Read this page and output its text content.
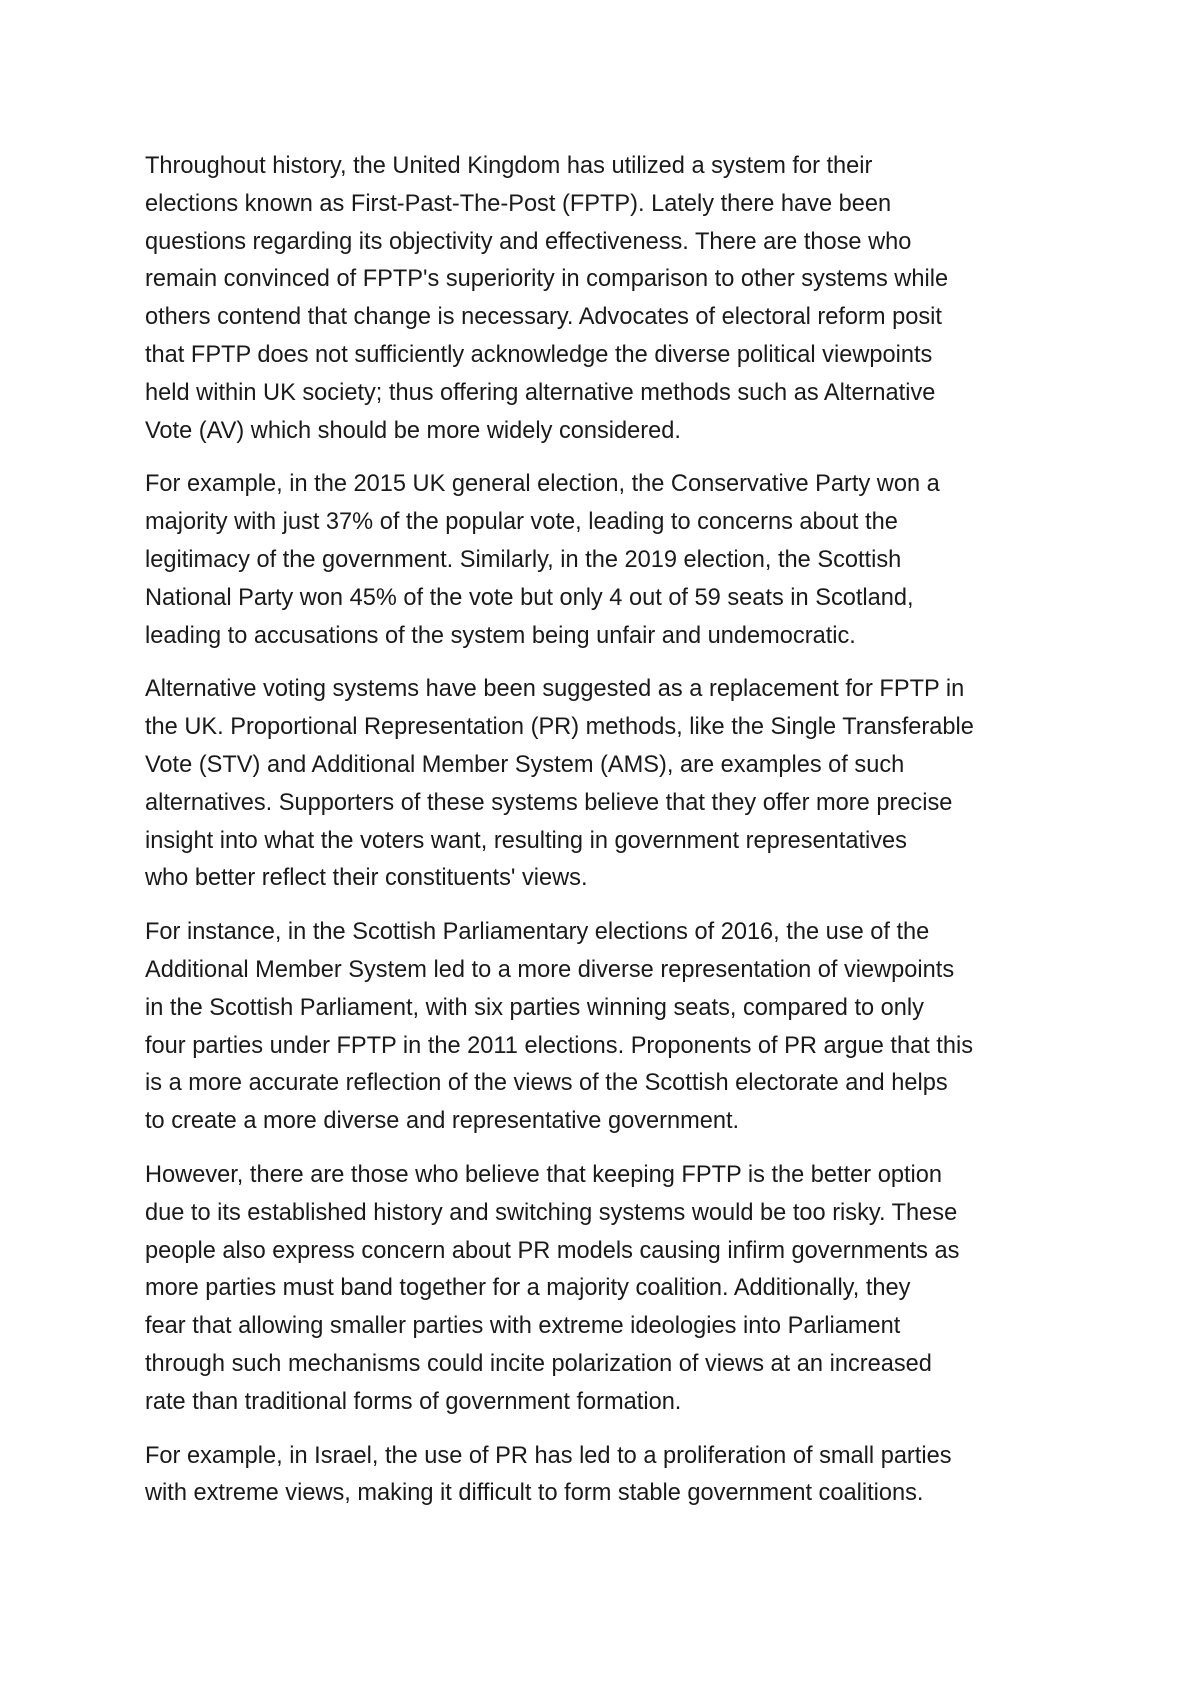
Throughout history, the United Kingdom has utilized a system for their
elections known as First-Past-The-Post (FPTP). Lately there have been
questions regarding its objectivity and effectiveness. There are those who
remain convinced of FPTP's superiority in comparison to other systems while
others contend that change is necessary. Advocates of electoral reform posit
that FPTP does not sufficiently acknowledge the diverse political viewpoints
held within UK society; thus offering alternative methods such as Alternative
Vote (AV) which should be more widely considered.

For example, in the 2015 UK general election, the Conservative Party won a
majority with just 37% of the popular vote, leading to concerns about the
legitimacy of the government. Similarly, in the 2019 election, the Scottish
National Party won 45% of the vote but only 4 out of 59 seats in Scotland,
leading to accusations of the system being unfair and undemocratic.

Alternative voting systems have been suggested as a replacement for FPTP in
the UK. Proportional Representation (PR) methods, like the Single Transferable
Vote (STV) and Additional Member System (AMS), are examples of such
alternatives. Supporters of these systems believe that they offer more precise
insight into what the voters want, resulting in government representatives
who better reflect their constituents' views.

For instance, in the Scottish Parliamentary elections of 2016, the use of the
Additional Member System led to a more diverse representation of viewpoints
in the Scottish Parliament, with six parties winning seats, compared to only
four parties under FPTP in the 2011 elections. Proponents of PR argue that this
is a more accurate reflection of the views of the Scottish electorate and helps
to create a more diverse and representative government.

However, there are those who believe that keeping FPTP is the better option
due to its established history and switching systems would be too risky. These
people also express concern about PR models causing infirm governments as
more parties must band together for a majority coalition. Additionally, they
fear that allowing smaller parties with extreme ideologies into Parliament
through such mechanisms could incite polarization of views at an increased
rate than traditional forms of government formation.

For example, in Israel, the use of PR has led to a proliferation of small parties
with extreme views, making it difficult to form stable government coalitions.
